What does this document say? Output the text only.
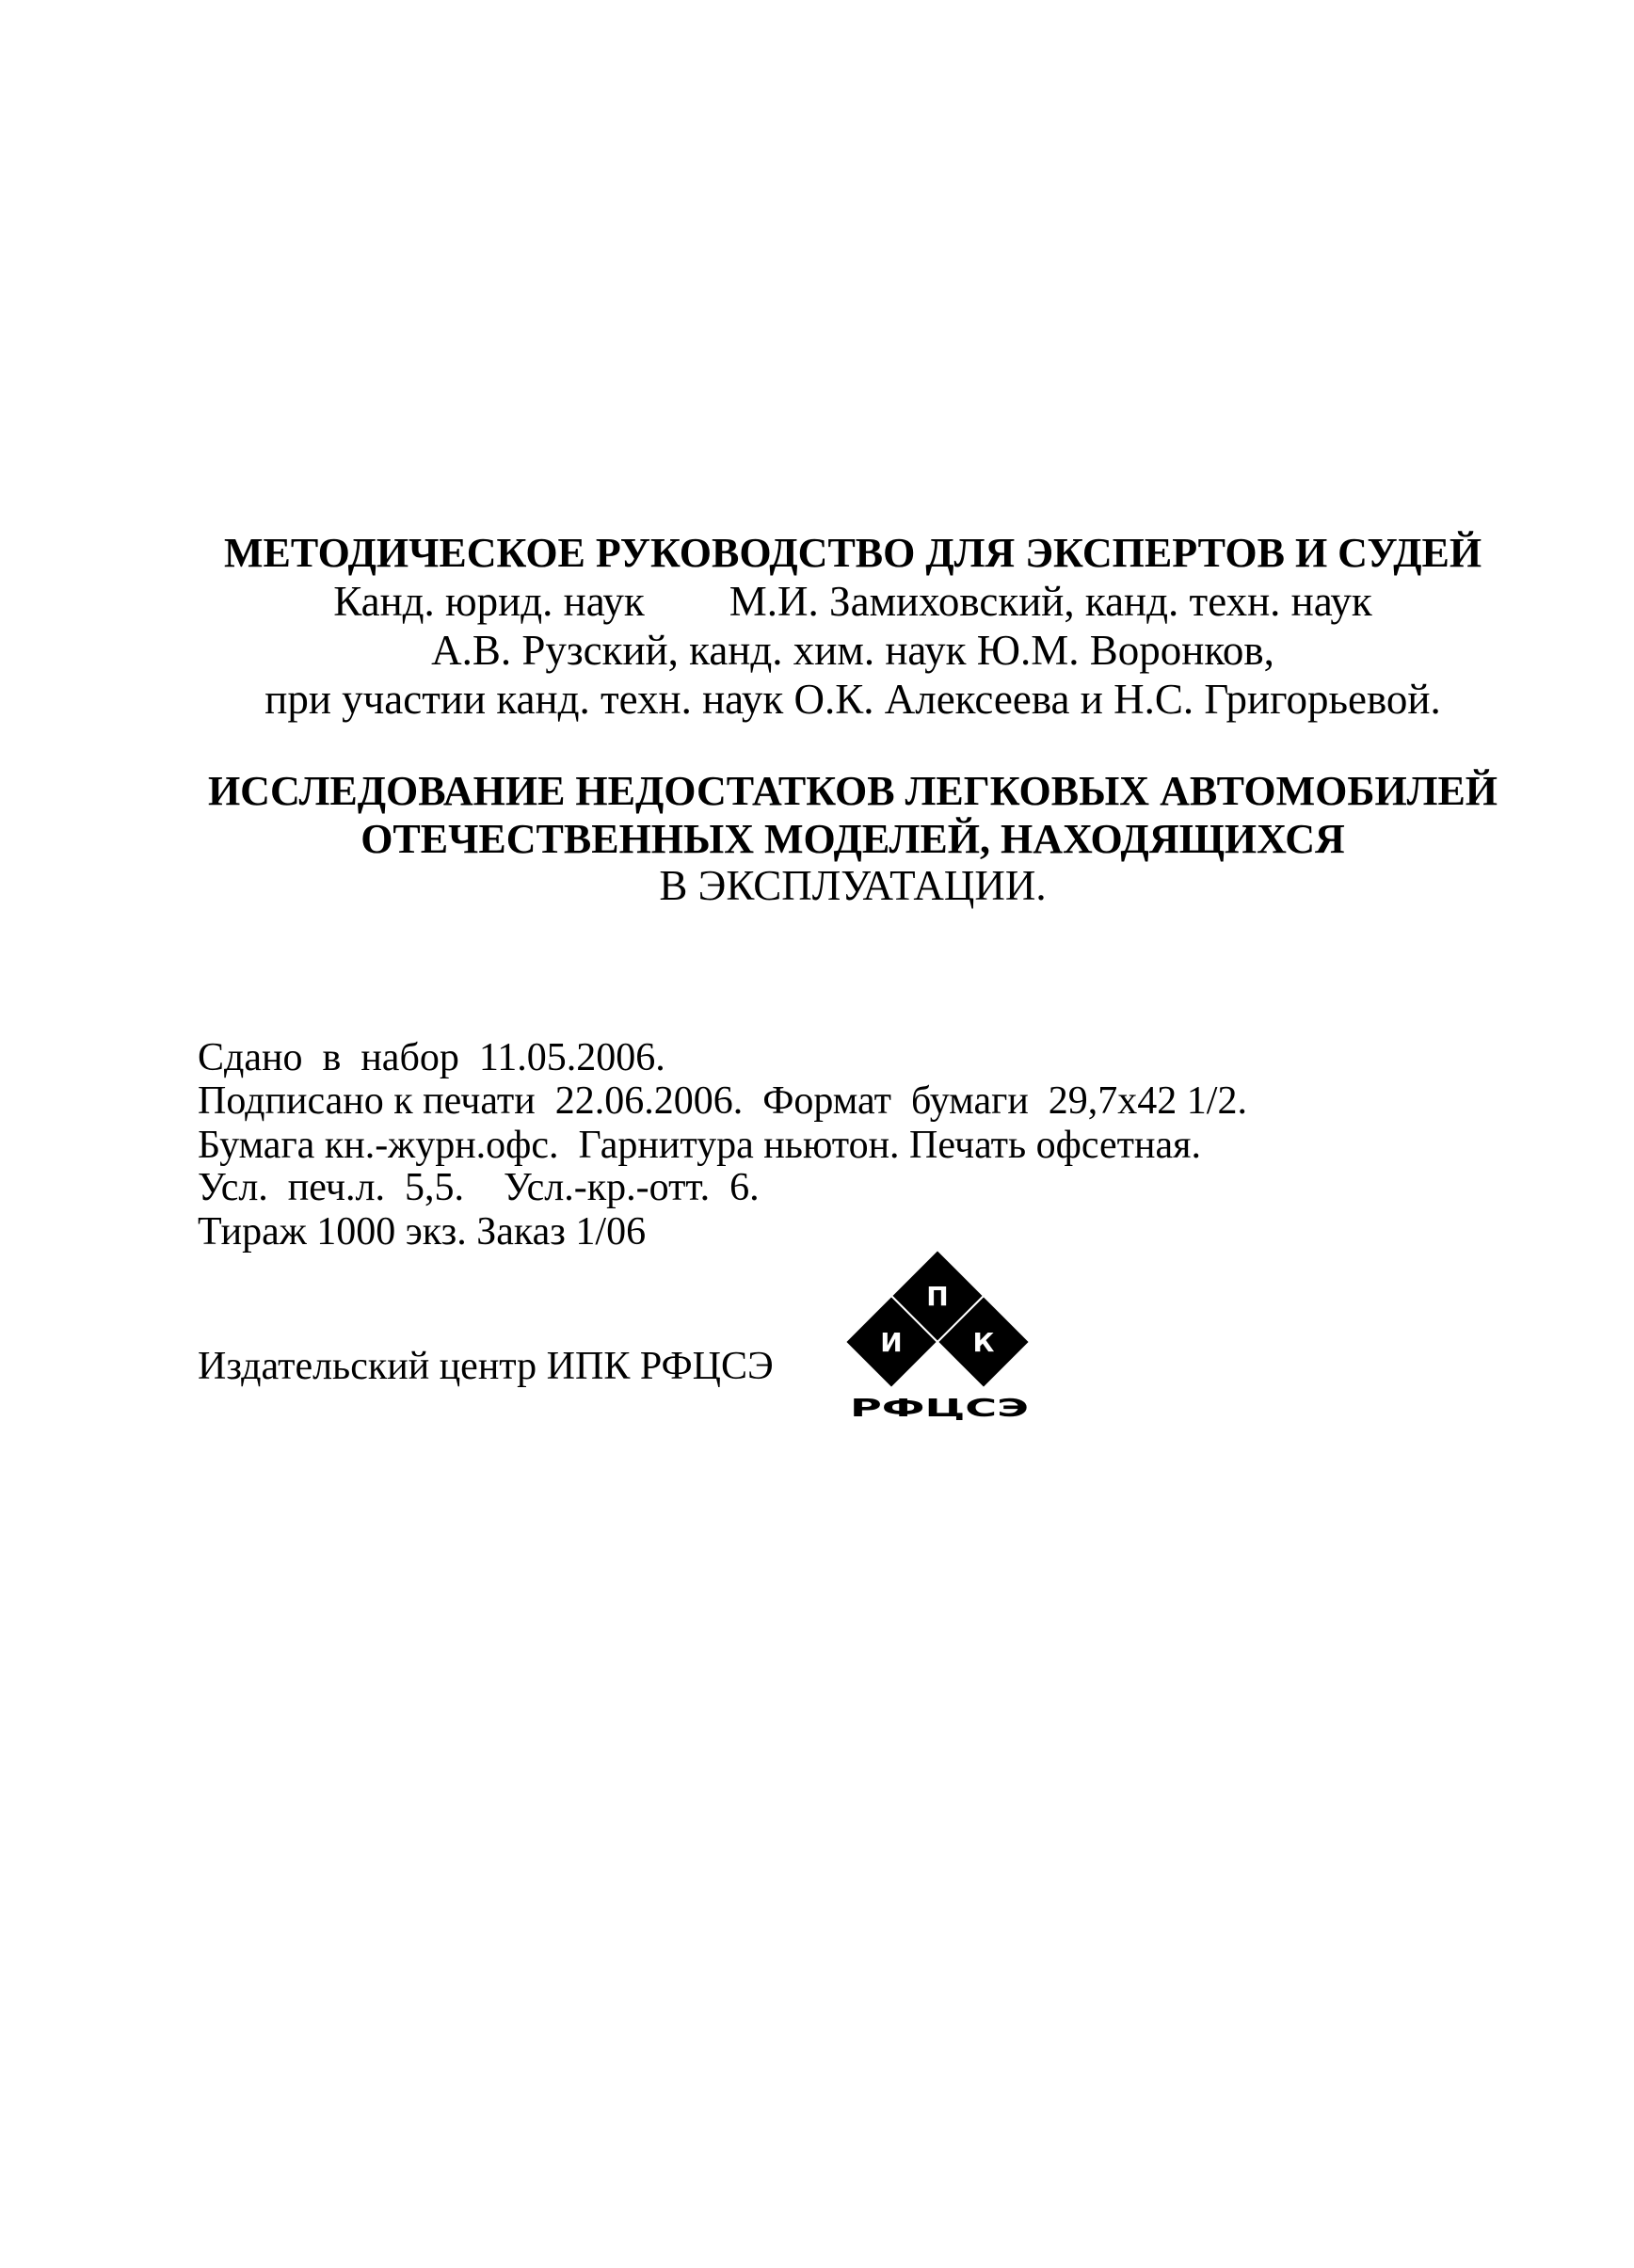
МЕТОДИЧЕСКОЕ РУКОВОДСТВО ДЛЯ ЭКСПЕРТОВ И СУДЕЙ
Канд. юрид. наук        М.И. Замиховский, канд. техн. наук
А.В. Рузский, канд. хим. наук Ю.М. Воронков,
при участии канд. техн. наук О.К. Алексеева и Н.С. Григорьевой.
ИССЛЕДОВАНИЕ НЕДОСТАТКОВ ЛЕГКОВЫХ АВТОМОБИЛЕЙ
ОТЕЧЕСТВЕННЫХ МОДЕЛЕЙ, НАХОДЯЩИХСЯ
В ЭКСПЛУАТАЦИИ.
Сдано  в  набор  11.05.2006.
Подписано к печати  22.06.2006.  Формат  бумаги  29,7x42 1/2.
Бумага кн.-журн.офс.  Гарнитура ньютон. Печать офсетная.
Усл.  печ.л.  5,5.    Усл.-кр.-отт.  6.
Тираж 1000 экз. Заказ 1/06
Издательский центр ИПК РФЦСЭ
П
И	К
РФЦСЭ
